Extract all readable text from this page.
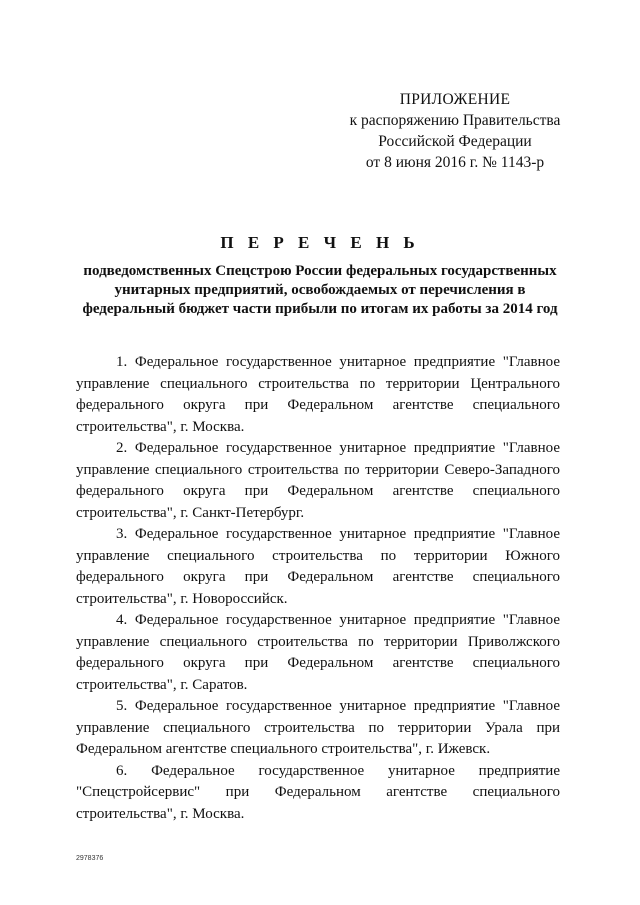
ПРИЛОЖЕНИЕ
к распоряжению Правительства
Российской Федерации
от 8 июня 2016 г. № 1143-р
П Е Р Е Ч Е Н Ь
подведомственных Спецстрою России федеральных государственных
унитарных предприятий, освобождаемых от перечисления в
федеральный бюджет части прибыли по итогам их работы за 2014 год
1. Федеральное государственное унитарное предприятие "Главное
управление специального строительства по территории Центрального
федерального округа при Федеральном агентстве специального
строительства", г. Москва.
2. Федеральное государственное унитарное предприятие "Главное
управление специального строительства по территории Северо-Западного
федерального округа при Федеральном агентстве специального
строительства", г. Санкт-Петербург.
3. Федеральное государственное унитарное предприятие "Главное
управление специального строительства по территории Южного
федерального округа при Федеральном агентстве специального
строительства", г. Новороссийск.
4. Федеральное государственное унитарное предприятие "Главное
управление специального строительства по территории Приволжского
федерального округа при Федеральном агентстве специального
строительства", г. Саратов.
5. Федеральное государственное унитарное предприятие "Главное
управление специального строительства по территории Урала при
Федеральном агентстве специального строительства", г. Ижевск.
6. Федеральное государственное унитарное предприятие
"Спецстройсервис" при Федеральном агентстве специального
строительства", г. Москва.
2978376
